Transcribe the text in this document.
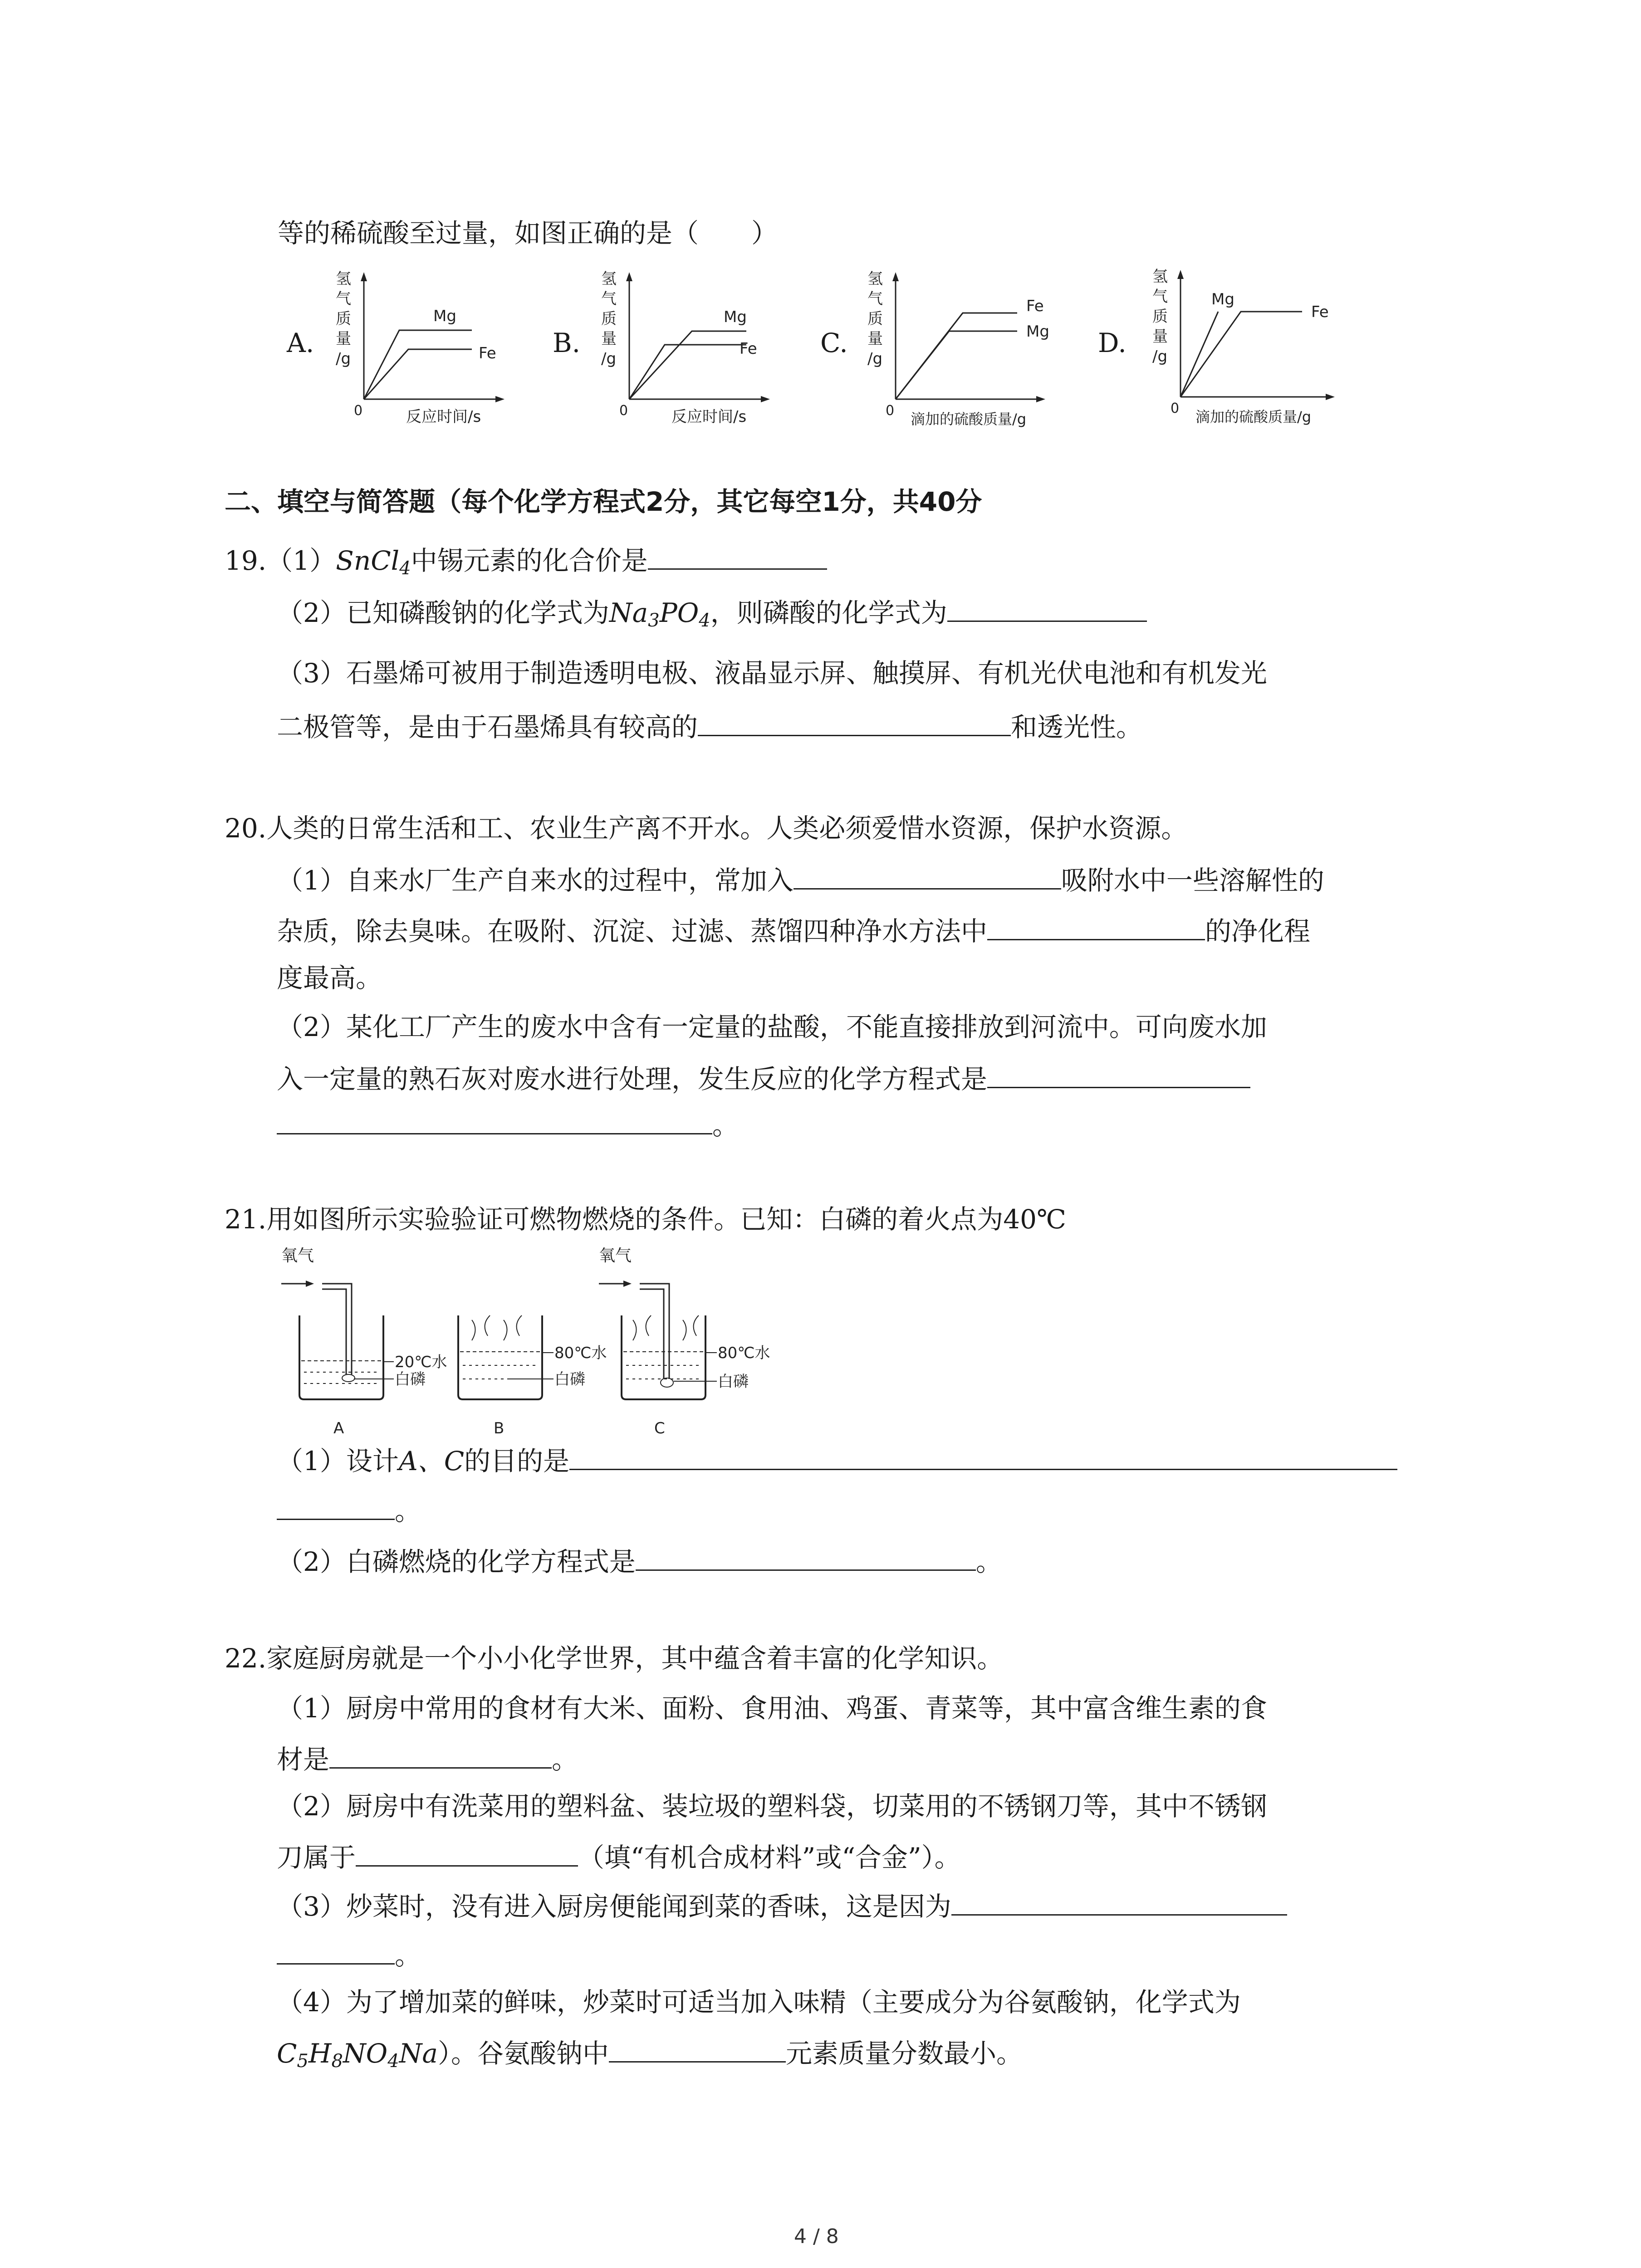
等的稀硫酸至过量，如图正确的是（　　）
A.
氢
气
质
量
/g
Mg
Fe
0	反应时间/s
B.
氢
气
质
量
/g
Mg
Fe
0	反应时间/s
C.
氢
气
质
量
/g
Fe
Mg
0 滴加的硫酸质量/g
D.
氢
气
质
量
/g
Mg
Fe
0 滴加的硫酸质量/g
二、填空与简答题（每个化学方程式2分，其它每空1分，共40分
19.（1）SnCl$_4$中锡元素的化合价是
（2）已知磷酸钠的化学式为$Na_3PO_4$，则磷酸的化学式为
（3）石墨烯可被用于制造透明电极、液晶显示屏、触摸屏、有机光伏电池和有机发光
二极管等，是由于石墨烯具有较高的	和透光性。
20.人类的日常生活和工、农业生产离不开水。人类必须爱惜水资源，保护水资源。
（1）自来水厂生产自来水的过程中，常加入	吸附水中一些溶解性的
杂质，除去臭味。在吸附、沉淀、过滤、蒸馏四种净水方法中	的净化程
度最高。
（2）某化工厂产生的废水中含有一定量的盐酸，不能直接排放到河流中。可向废水加
入一定量的熟石灰对废水进行处理，发生反应的化学方程式是
。
21.用如图所示实验验证可燃物燃烧的条件。已知：白磷的着火点为40℃
氧气
20℃水
白磷
A
80℃水
白磷
B
氧气
80℃水
白磷
C
（1）设计A、C的目的是
。
（2）白磷燃烧的化学方程式是	。
22.家庭厨房就是一个小小化学世界，其中蕴含着丰富的化学知识。
（1）厨房中常用的食材有大米、面粉、食用油、鸡蛋、青菜等，其中富含维生素的食
材是	。
（2）厨房中有洗菜用的塑料盆、装垃圾的塑料袋，切菜用的不锈钢刀等，其中不锈钢
刀属于	（填“有机合成材料”或“合金”）。
（3）炒菜时，没有进入厨房便能闻到菜的香味，这是因为
。
（4）为了增加菜的鲜味，炒菜时可适当加入味精（主要成分为谷氨酸钠，化学式为
$C_5H_8NO_4Na$）。谷氨酸钠中	元素质量分数最小。
4 / 8
